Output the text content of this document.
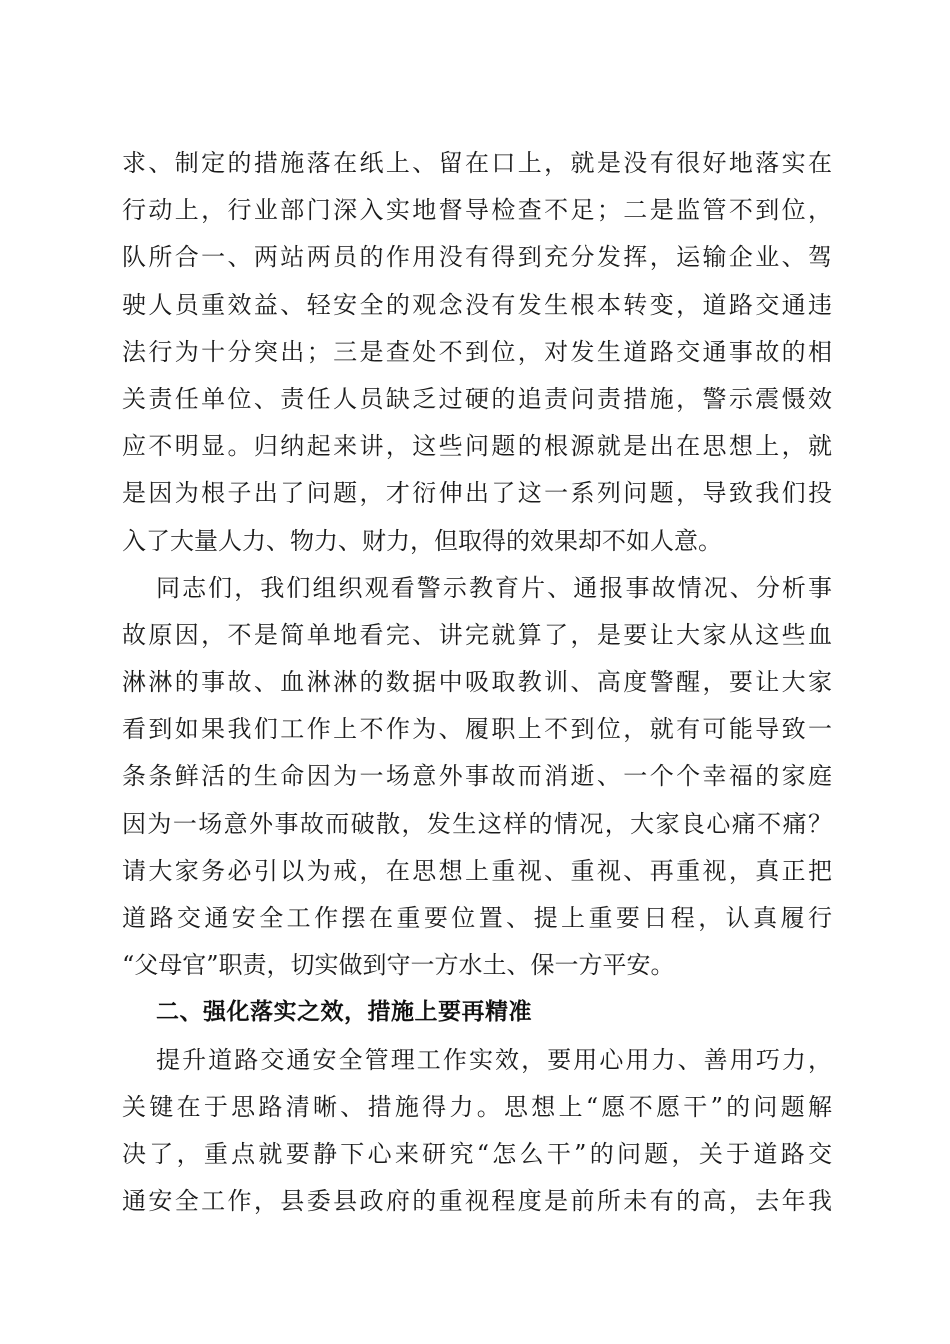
求、制定的措施落在纸上、留在口上，就是没有很好地落实在
行动上，行业部门深入实地督导检查不足；二是监管不到位，
队所合一、两站两员的作用没有得到充分发挥，运输企业、驾
驶人员重效益、轻安全的观念没有发生根本转变，道路交通违
法行为十分突出；三是查处不到位，对发生道路交通事故的相
关责任单位、责任人员缺乏过硬的追责问责措施，警示震慑效
应不明显。归纳起来讲，这些问题的根源就是出在思想上，就
是因为根子出了问题，才衍伸出了这一系列问题，导致我们投
入了大量人力、物力、财力，但取得的效果却不如人意。
同志们，我们组织观看警示教育片、通报事故情况、分析事
故原因，不是简单地看完、讲完就算了，是要让大家从这些血
淋淋的事故、血淋淋的数据中吸取教训、高度警醒，要让大家
看到如果我们工作上不作为、履职上不到位，就有可能导致一
条条鲜活的生命因为一场意外事故而消逝、一个个幸福的家庭
因为一场意外事故而破散，发生这样的情况，大家良心痛不痛？
请大家务必引以为戒，在思想上重视、重视、再重视，真正把
道路交通安全工作摆在重要位置、提上重要日程，认真履行
“父母官”职责，切实做到守一方水土、保一方平安。
二、强化落实之效，措施上要再精准
提升道路交通安全管理工作实效，要用心用力、善用巧力，
关键在于思路清晰、措施得力。思想上“愿不愿干”的问题解
决了，重点就要静下心来研究“怎么干”的问题，关于道路交
通安全工作，县委县政府的重视程度是前所未有的高，去年我
